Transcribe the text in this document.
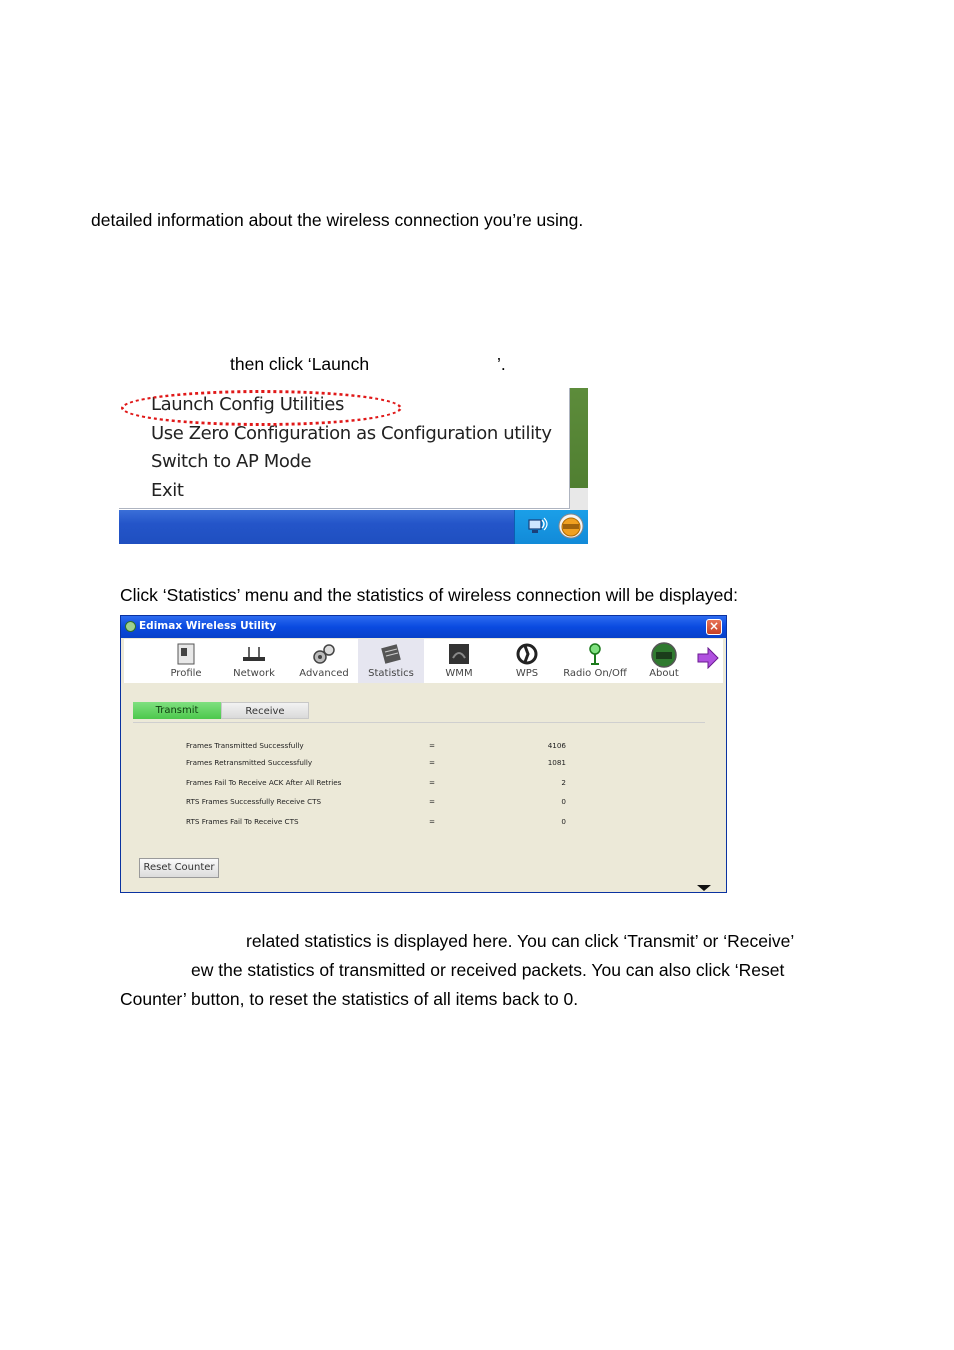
detailed information about the wireless connection you’re using.
then click ‘Launch	’.
Launch Config Utilities
Use Zero Configuration as Configuration utility
Switch to AP Mode
Exit
Click ‘Statistics’ menu and the statistics of wireless connection will be displayed:
Edimax Wireless Utility	×
Profile	Network	Advanced	Statistics	WMM	WPS	Radio On/Off	About
Transmit	Receive
Frames Transmitted Successfully	=	4106
Frames Retransmitted Successfully	=	1081
Frames Fail To Receive ACK After All Retries	=	2
RTS Frames Successfully Receive CTS	=	0
RTS Frames Fail To Receive CTS	=	0
Reset Counter
related statistics is displayed here. You can click ‘Transmit’ or ‘Receive’
ew the statistics of transmitted or received packets. You can also click ‘Reset
Counter’ button, to reset the statistics of all items back to 0.
